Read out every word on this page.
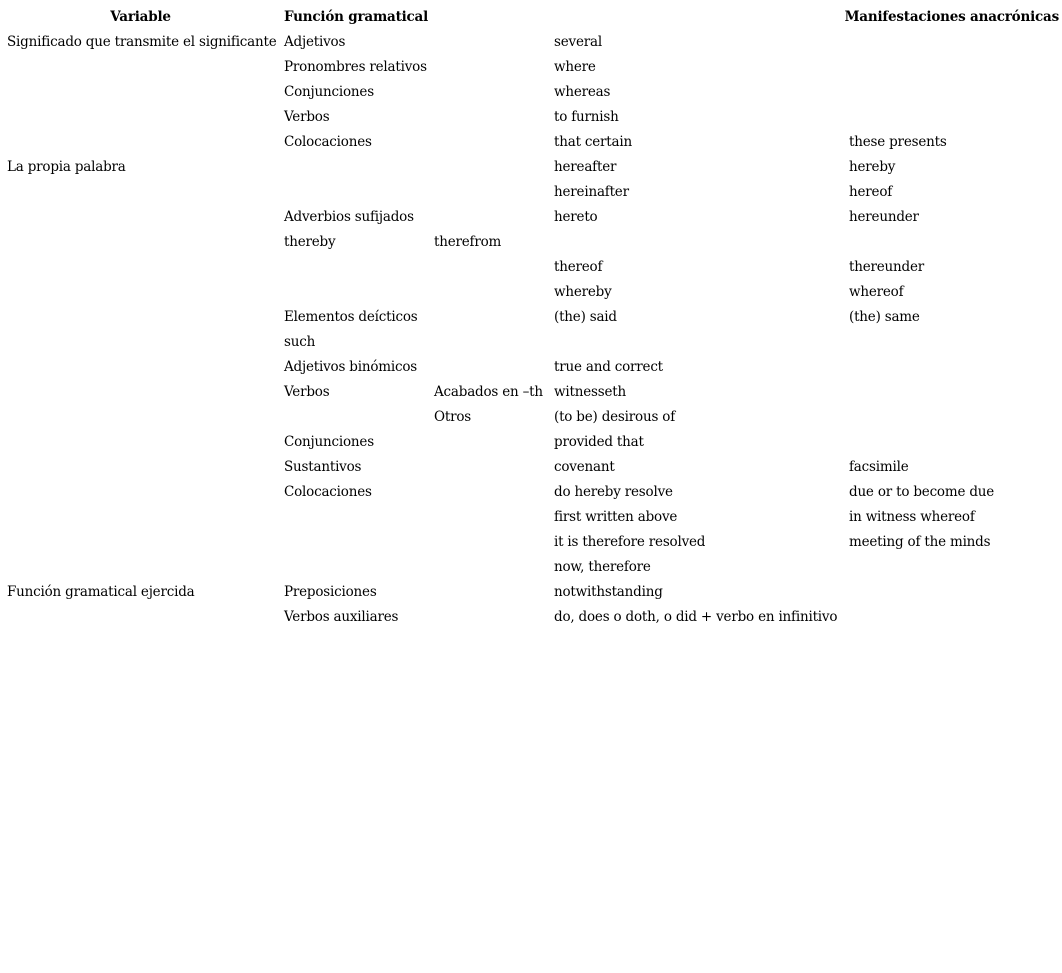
Variable	Función gramatical			Manifestaciones anacrónicas
Significado que transmite el significante	Adjetivos		several	
	Pronombres relativos		where	
	Conjunciones		whereas	
	Verbos		to furnish	
	Colocaciones		that certain	these presents
La propia palabra			hereafter	hereby
			hereinafter	hereof
	Adverbios sufijados		hereto	hereunder
	thereby	therefrom		
			thereof	thereunder
			whereby	whereof
	Elementos deícticos		(the) said	(the) same
	such			
	Adjetivos binómicos		true and correct	
	Verbos	Acabados en –th	witnesseth	
		Otros	(to be) desirous of	
	Conjunciones		provided that	
	Sustantivos		covenant	facsimile
	Colocaciones		do hereby resolve	due or to become due
			first written above	in witness whereof
			it is therefore resolved	meeting of the minds
			now, therefore	
Función gramatical ejercida	Preposiciones		notwithstanding	
	Verbos auxiliares		do, does o doth, o did + verbo en infinitivo	
